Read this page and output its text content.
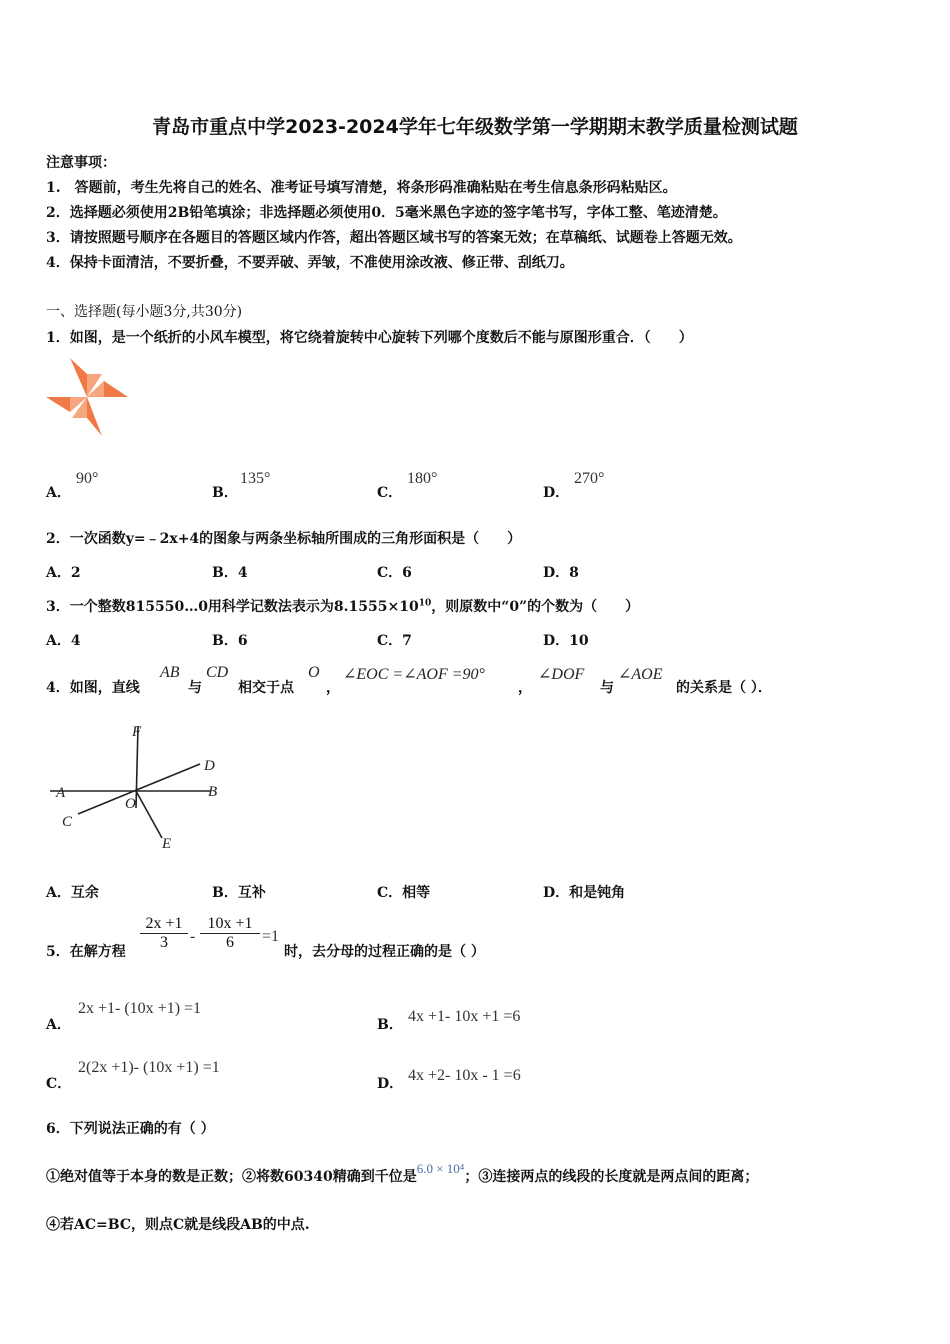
青岛市重点中学2023-2024学年七年级数学第一学期期末教学质量检测试题
注意事项：
1.　答题前，考生先将自己的姓名、准考证号填写清楚，将条形码准确粘贴在考生信息条形码粘贴区。
2．选择题必须使用2B铅笔填涂；非选择题必须使用0．5毫米黑色字迹的签字笔书写，字体工整、笔迹清楚。
3．请按照题号顺序在各题目的答题区域内作答，超出答题区域书写的答案无效；在草稿纸、试题卷上答题无效。
4．保持卡面清洁，不要折叠，不要弄破、弄皱，不准使用涂改液、修正带、刮纸刀。
一、选择题(每小题3分,共30分)
1．如图，是一个纸折的小风车模型，将它绕着旋转中心旋转下列哪个度数后不能与原图形重合．（　　）
A．
90°
B．
135°
C．
180°
D．
270°
2．一次函数y=﹣2x+4的图象与两条坐标轴所围成的三角形面积是（　　）
A．2	B．4	C．6	D．8
3．一个整数815550…0用科学记数法表示为$8.1555\times 10^{10}$，则原数中“0”的个数为（　　）
A．4	B．6	C．7	D．10
4．如图，直线
AB
与
CD
相交于点
O
，
∠EOC =∠AOF =90°
，
∠DOF
与
∠AOE
的关系是（ ）．
F
D
A
O
B
C
E
A．互余	B．互补	C．相等	D．和是钝角
5．在解方程
2x +1
3	-
10x +1
6	=1
时，去分母的过程正确的是（ ）
A．
2x +1- (10x +1) =1
B． 4x +1- 10x +1 =6
C．
2(2x +1)- (10x +1) =1
D． 4x +2- 10x - 1 =6
6．下列说法正确的有（ ）
①绝对值等于本身的数是正数；②将数60340精确到千位是6.0 × 10⁴；③连接两点的线段的长度就是两点间的距离；
④若AC=BC，则点C就是线段AB的中点.
